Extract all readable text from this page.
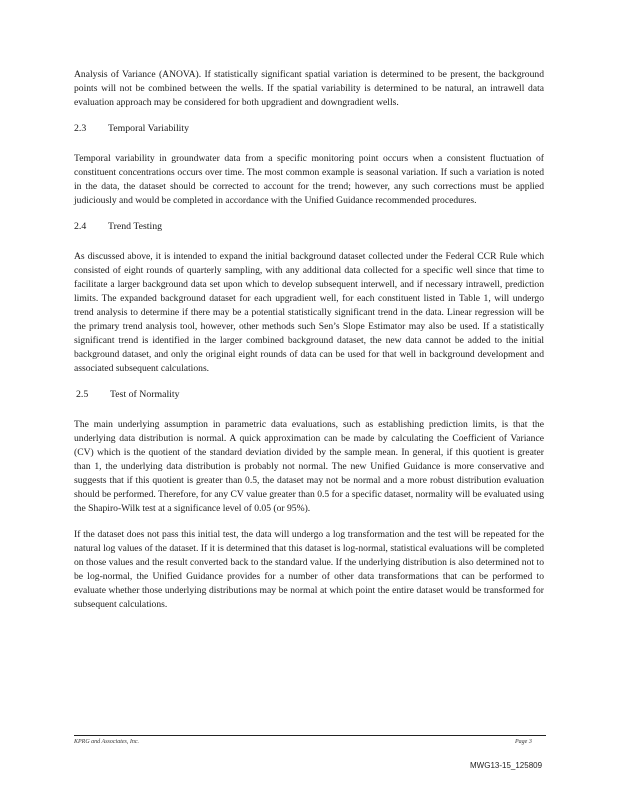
Analysis of Variance (ANOVA). If statistically significant spatial variation is determined to be present, the background points will not be combined between the wells. If the spatial variability is determined to be natural, an intrawell data evaluation approach may be considered for both upgradient and downgradient wells.

2.3	Temporal Variability

Temporal variability in groundwater data from a specific monitoring point occurs when a consistent fluctuation of constituent concentrations occurs over time. The most common example is seasonal variation. If such a variation is noted in the data, the dataset should be corrected to account for the trend; however, any such corrections must be applied judiciously and would be completed in accordance with the Unified Guidance recommended procedures.

2.4	Trend Testing

As discussed above, it is intended to expand the initial background dataset collected under the Federal CCR Rule which consisted of eight rounds of quarterly sampling, with any additional data collected for a specific well since that time to facilitate a larger background data set upon which to develop subsequent interwell, and if necessary intrawell, prediction limits. The expanded background dataset for each upgradient well, for each constituent listed in Table 1, will undergo trend analysis to determine if there may be a potential statistically significant trend in the data. Linear regression will be the primary trend analysis tool, however, other methods such Sen’s Slope Estimator may also be used. If a statistically significant trend is identified in the larger combined background dataset, the new data cannot be added to the initial background dataset, and only the original eight rounds of data can be used for that well in background development and associated subsequent calculations.

2.5	Test of Normality

The main underlying assumption in parametric data evaluations, such as establishing prediction limits, is that the underlying data distribution is normal. A quick approximation can be made by calculating the Coefficient of Variance (CV) which is the quotient of the standard deviation divided by the sample mean. In general, if this quotient is greater than 1, the underlying data distribution is probably not normal. The new Unified Guidance is more conservative and suggests that if this quotient is greater than 0.5, the dataset may not be normal and a more robust distribution evaluation should be performed. Therefore, for any CV value greater than 0.5 for a specific dataset, normality will be evaluated using the Shapiro-Wilk test at a significance level of 0.05 (or 95%).

If the dataset does not pass this initial test, the data will undergo a log transformation and the test will be repeated for the natural log values of the dataset. If it is determined that this dataset is log-normal, statistical evaluations will be completed on those values and the result converted back to the standard value. If the underlying distribution is also determined not to be log-normal, the Unified Guidance provides for a number of other data transformations that can be performed to evaluate whether those underlying distributions may be normal at which point the entire dataset would be transformed for subsequent calculations.

KPRG and Associates, Inc.	Page 3
MWG13-15_125809
